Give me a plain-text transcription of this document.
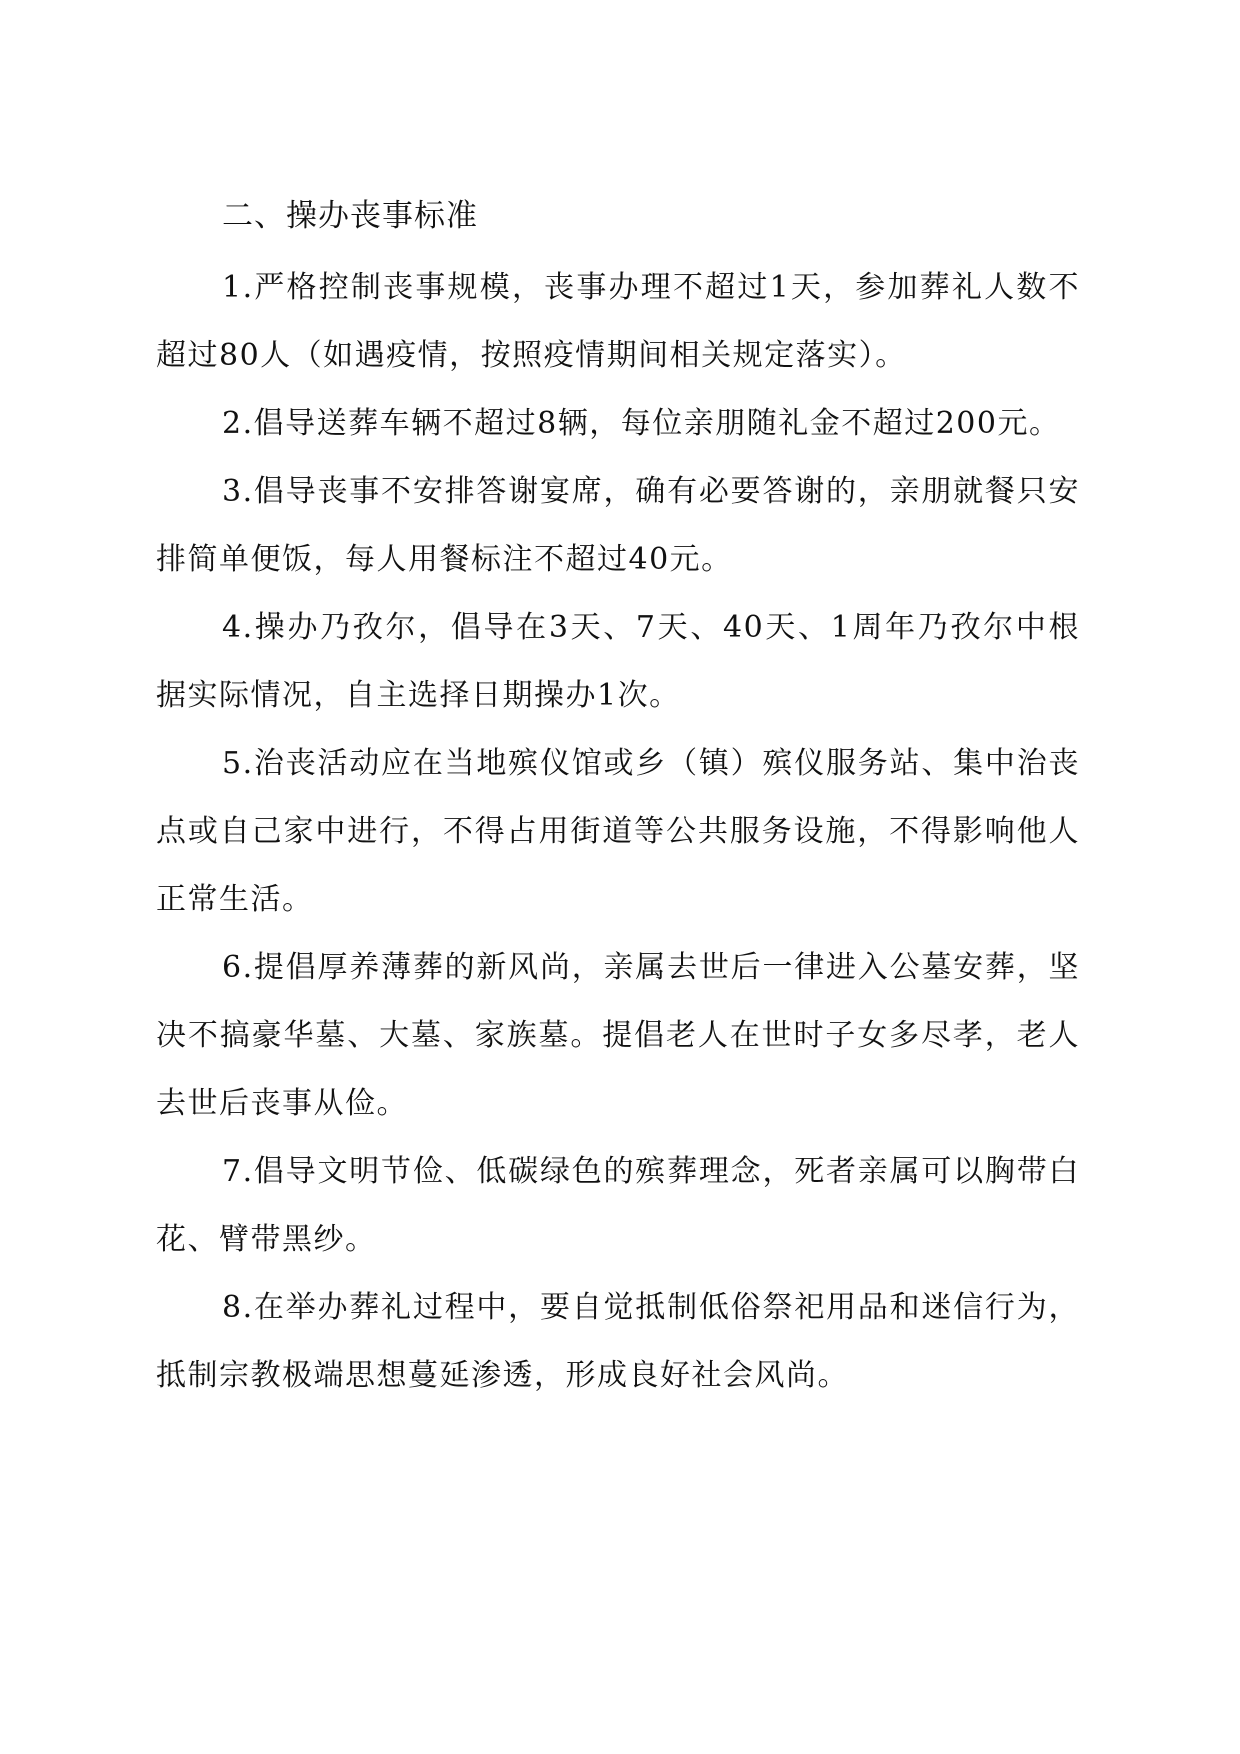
二、操办丧事标准

1.严格控制丧事规模，丧事办理不超过1天，参加葬礼人数不超过80人（如遇疫情，按照疫情期间相关规定落实）。

2.倡导送葬车辆不超过8辆，每位亲朋随礼金不超过200元。

3.倡导丧事不安排答谢宴席，确有必要答谢的，亲朋就餐只安排简单便饭，每人用餐标注不超过40元。

4.操办乃孜尔，倡导在3天、7天、40天、1周年乃孜尔中根据实际情况，自主选择日期操办1次。

5.治丧活动应在当地殡仪馆或乡（镇）殡仪服务站、集中治丧点或自己家中进行，不得占用街道等公共服务设施，不得影响他人正常生活。

6.提倡厚养薄葬的新风尚，亲属去世后一律进入公墓安葬，坚决不搞豪华墓、大墓、家族墓。提倡老人在世时子女多尽孝，老人去世后丧事从俭。

7.倡导文明节俭、低碳绿色的殡葬理念，死者亲属可以胸带白花、臂带黑纱。

8.在举办葬礼过程中，要自觉抵制低俗祭祀用品和迷信行为，抵制宗教极端思想蔓延渗透，形成良好社会风尚。
